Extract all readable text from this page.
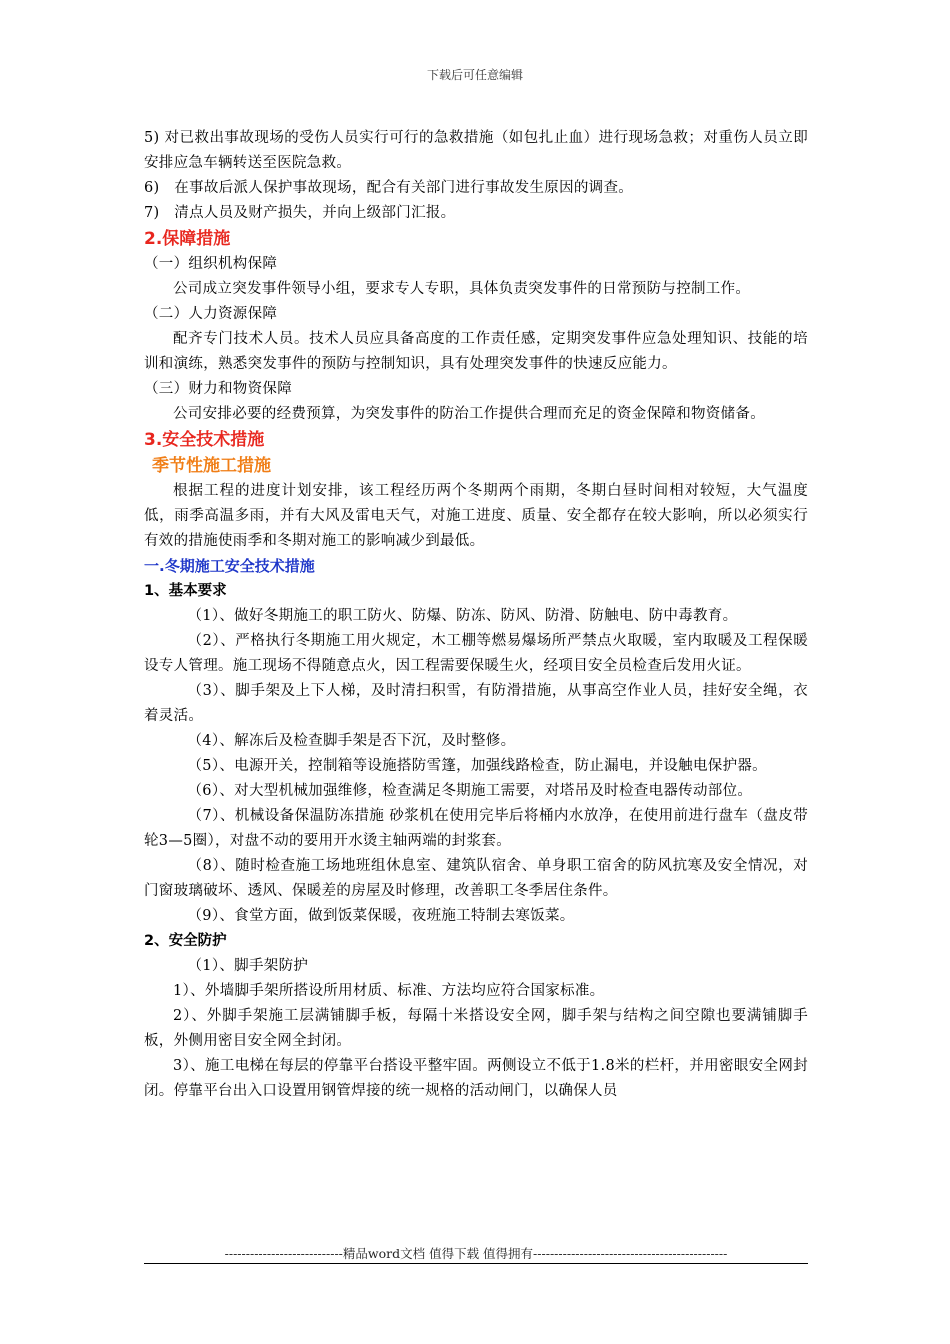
下载后可任意编辑

5) 对已救出事故现场的受伤人员实行可行的急救措施（如包扎止血）进行现场急救；对重伤人员立即安排应急车辆转送至医院急救。

6)　在事故后派人保护事故现场，配合有关部门进行事故发生原因的调查。

7)　清点人员及财产损失，并向上级部门汇报。

2.保障措施

（一）组织机构保障

公司成立突发事件领导小组，要求专人专职，具体负责突发事件的日常预防与控制工作。

（二）人力资源保障

配齐专门技术人员。技术人员应具备高度的工作责任感，定期突发事件应急处理知识、技能的培训和演练，熟悉突发事件的预防与控制知识，具有处理突发事件的快速反应能力。

（三）财力和物资保障

公司安排必要的经费预算，为突发事件的防治工作提供合理而充足的资金保障和物资储备。

3.安全技术措施

季节性施工措施

根据工程的进度计划安排，该工程经历两个冬期两个雨期，冬期白昼时间相对较短，大气温度低，雨季高温多雨，并有大风及雷电天气，对施工进度、质量、安全都存在较大影响，所以必须实行有效的措施使雨季和冬期对施工的影响减少到最低。

一.冬期施工安全技术措施

1、基本要求

（1）、做好冬期施工的职工防火、防爆、防冻、防风、防滑、防触电、防中毒教育。

（2）、严格执行冬期施工用火规定，木工棚等燃易爆场所严禁点火取暖，室内取暖及工程保暖设专人管理。施工现场不得随意点火，因工程需要保暖生火，经项目安全员检查后发用火证。

（3）、脚手架及上下人梯，及时清扫积雪，有防滑措施，从事高空作业人员，挂好安全绳，衣着灵活。

（4）、解冻后及检查脚手架是否下沉，及时整修。

（5）、电源开关，控制箱等设施搭防雪篷，加强线路检查，防止漏电，并设触电保护器。

（6）、对大型机械加强维修，检查满足冬期施工需要，对塔吊及时检查电器传动部位。

（7）、机械设备保温防冻措施 砂浆机在使用完毕后将桶内水放净，在使用前进行盘车（盘皮带轮3—5圈），对盘不动的要用开水烫主轴两端的封浆套。

（8）、随时检查施工场地班组休息室、建筑队宿舍、单身职工宿舍的防风抗寒及安全情况，对门窗玻璃破坏、透风、保暖差的房屋及时修理，改善职工冬季居住条件。

（9）、食堂方面，做到饭菜保暖，夜班施工特制去寒饭菜。

2、安全防护

（1）、脚手架防护

1）、外墙脚手架所搭设所用材质、标准、方法均应符合国家标准。

2）、外脚手架施工层满铺脚手板，每隔十米搭设安全网，脚手架与结构之间空隙也要满铺脚手板，外侧用密目安全网全封闭。

3）、施工电梯在每层的停靠平台搭设平整牢固。两侧设立不低于1.8米的栏杆，并用密眼安全网封闭。停靠平台出入口设置用钢管焊接的统一规格的活动闸门，以确保人员

----------------------------精品word文档 值得下载 值得拥有----------------------------------------------
